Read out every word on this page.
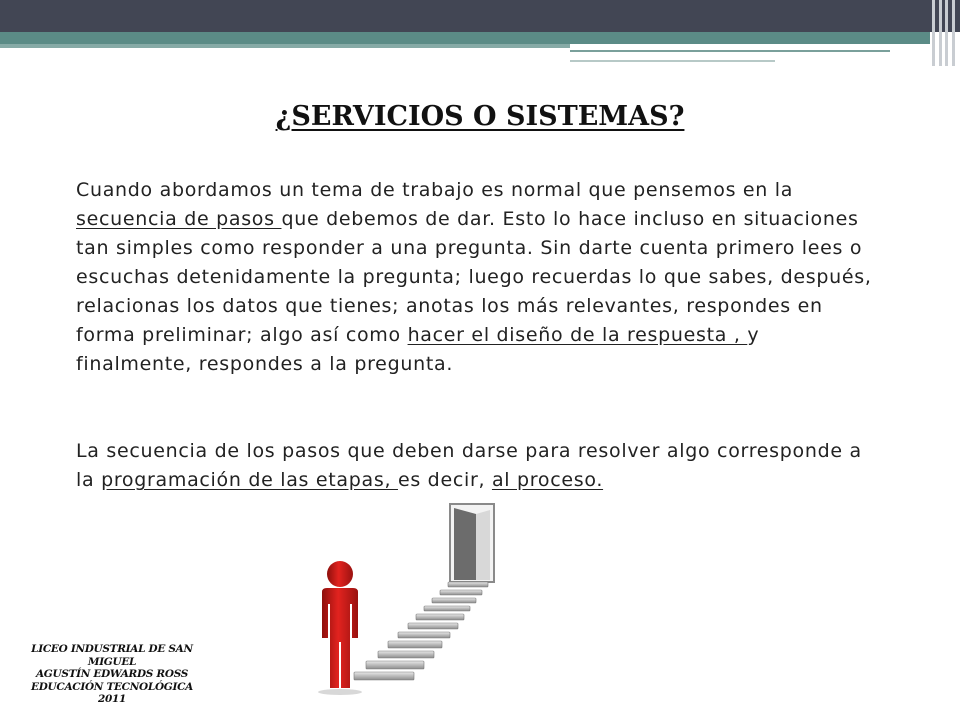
¿SERVICIOS O SISTEMAS?
Cuando abordamos un tema de trabajo es normal que pensemos en la secuencia de pasos que debemos de dar. Esto lo hace incluso en situaciones tan simples como responder a una pregunta. Sin darte cuenta primero lees o escuchas detenidamente la pregunta; luego recuerdas lo que sabes, después, relacionas los datos que tienes; anotas los más relevantes, respondes en forma preliminar; algo así como hacer el diseño de la respuesta , y finalmente, respondes a la pregunta.
La secuencia de los pasos que deben darse para resolver algo corresponde a la programación de las etapas, es decir, al proceso.
LICEO INDUSTRIAL DE SAN MIGUEL
AGUSTÍN EDWARDS ROSS
EDUCACIÓN TECNOLÓGICA
2011
